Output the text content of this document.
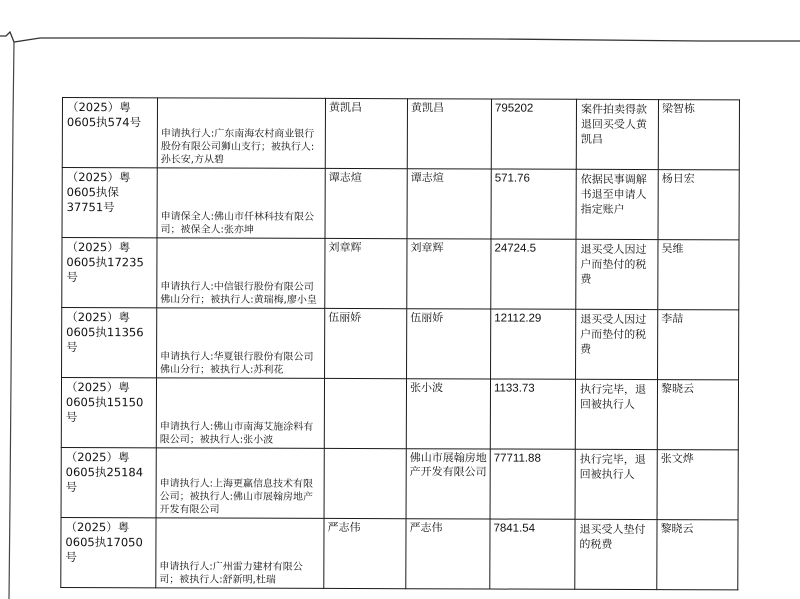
（2025）粤0605执574号	申请执行人:广东南海农村商业银行股份有限公司狮山支行；被执行人:孙长安,方从碧	黄凯昌	黄凯昌	795202	案件拍卖得款退回买受人黄凯昌	梁智栋
（2025）粤0605执保37751号	申请保全人:佛山市仟林科技有限公司；被保全人:张亦坤	谭志煊	谭志煊	571.76	依据民事调解书退至申请人指定账户	杨日宏
（2025）粤0605执17235号	申请执行人:中信银行股份有限公司佛山分行；被执行人:黄瑞梅,廖小皇	刘章辉	刘章辉	24724.5	退买受人因过户而垫付的税费	吴维
（2025）粤0605执11356号	申请执行人:华夏银行股份有限公司佛山分行；被执行人:苏利花	伍丽娇	伍丽娇	12112.29	退买受人因过户而垫付的税费	李喆
（2025）粤0605执15150号	申请执行人:佛山市南海艾施涂料有限公司；被执行人:张小波		张小波	1133.73	执行完毕，退回被执行人	黎晓云
（2025）粤0605执25184号	申请执行人:上海更赢信息技术有限公司；被执行人:佛山市展翰房地产开发有限公司		佛山市展翰房地产开发有限公司	77711.88	执行完毕，退回被执行人	张文烨
（2025）粤0605执17050号	申请执行人:广州雷力建材有限公司；被执行人:舒新明,杜瑞	严志伟	严志伟	7841.54	退买受人垫付的税费	黎晓云
